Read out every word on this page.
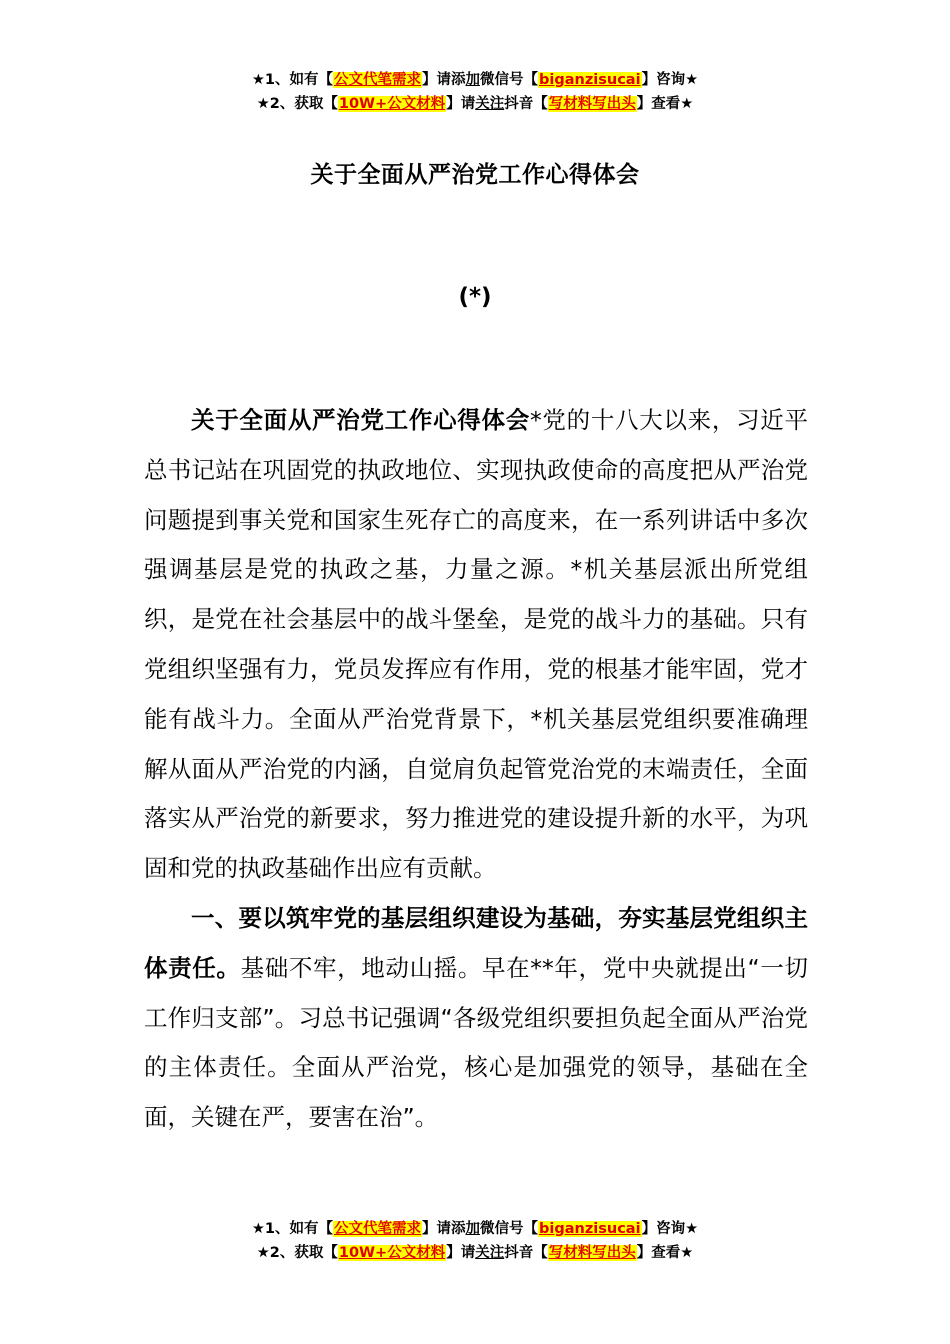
★1、如有【公文代笔需求】请添加微信号【biganzisucai】咨询★
★2、获取【10W+公文材料】请关注抖音【写材料写出头】查看★
关于全面从严治党工作心得体会
(*)

关于全面从严治党工作心得体会*党的十八大以来，习近平总书记站在巩固党的执政地位、实现执政使命的高度把从严治党问题提到事关党和国家生死存亡的高度来，在一系列讲话中多次强调基层是党的执政之基，力量之源。*机关基层派出所党组织，是党在社会基层中的战斗堡垒，是党的战斗力的基础。只有党组织坚强有力，党员发挥应有作用，党的根基才能牢固，党才能有战斗力。全面从严治党背景下，*机关基层党组织要准确理解从面从严治党的内涵，自觉肩负起管党治党的末端责任，全面落实从严治党的新要求，努力推进党的建设提升新的水平，为巩固和党的执政基础作出应有贡献。

一、要以筑牢党的基层组织建设为基础，夯实基层党组织主体责任。基础不牢，地动山摇。早在**年，党中央就提出“一切工作归支部”。习总书记强调“各级党组织要担负起全面从严治党的主体责任。全面从严治党，核心是加强党的领导，基础在全面，关键在严，要害在治”。

★1、如有【公文代笔需求】请添加微信号【biganzisucai】咨询★
★2、获取【10W+公文材料】请关注抖音【写材料写出头】查看★
